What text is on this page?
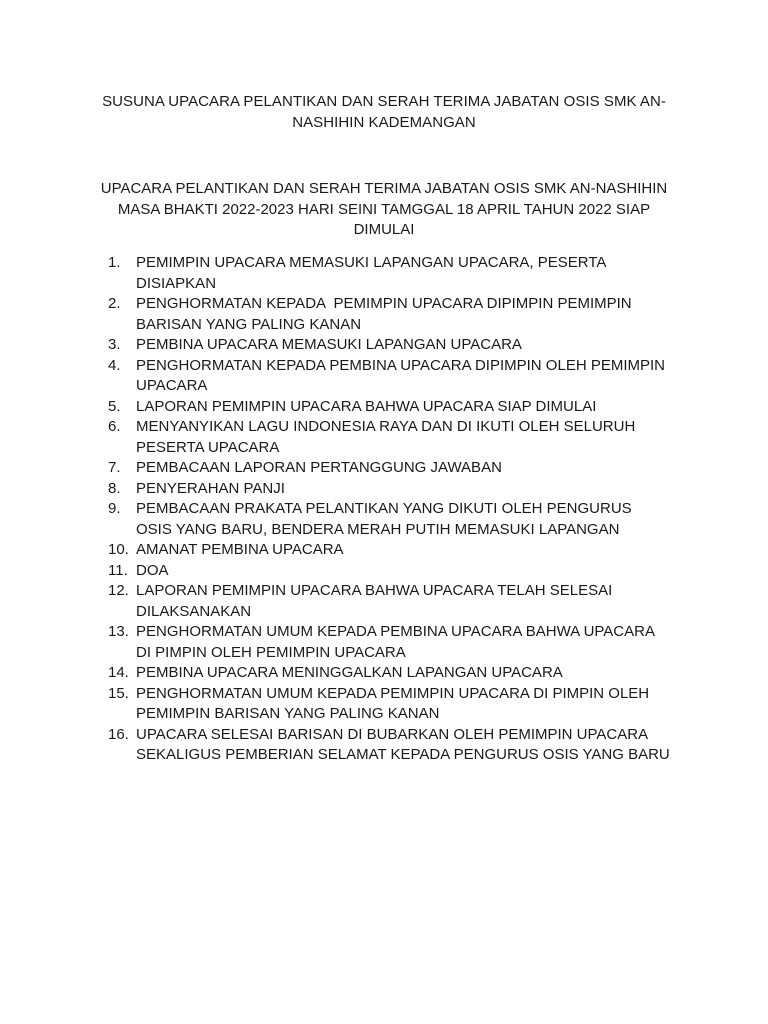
SUSUNA UPACARA PELANTIKAN DAN SERAH TERIMA JABATAN OSIS SMK AN-
NASHIHIN KADEMANGAN
UPACARA PELANTIKAN DAN SERAH TERIMA JABATAN OSIS SMK AN-NASHIHIN
MASA BHAKTI 2022-2023 HARI SEINI TAMGGAL 18 APRIL TAHUN 2022 SIAP
DIMULAI
1.	PEMIMPIN UPACARA MEMASUKI LAPANGAN UPACARA, PESERTA
DISIAPKAN
2.	PENGHORMATAN KEPADA  PEMIMPIN UPACARA DIPIMPIN PEMIMPIN
BARISAN YANG PALING KANAN
3.	PEMBINA UPACARA MEMASUKI LAPANGAN UPACARA
4.	PENGHORMATAN KEPADA PEMBINA UPACARA DIPIMPIN OLEH PEMIMPIN
UPACARA
5.	LAPORAN PEMIMPIN UPACARA BAHWA UPACARA SIAP DIMULAI
6.	MENYANYIKAN LAGU INDONESIA RAYA DAN DI IKUTI OLEH SELURUH
PESERTA UPACARA
7.	PEMBACAAN LAPORAN PERTANGGUNG JAWABAN
8.	PENYERAHAN PANJI
9.	PEMBACAAN PRAKATA PELANTIKAN YANG DIKUTI OLEH PENGURUS
OSIS YANG BARU, BENDERA MERAH PUTIH MEMASUKI LAPANGAN
10. AMANAT PEMBINA UPACARA
11. DOA
12. LAPORAN PEMIMPIN UPACARA BAHWA UPACARA TELAH SELESAI
DILAKSANAKAN
13. PENGHORMATAN UMUM KEPADA PEMBINA UPACARA BAHWA UPACARA
DI PIMPIN OLEH PEMIMPIN UPACARA
14. PEMBINA UPACARA MENINGGALKAN LAPANGAN UPACARA
15. PENGHORMATAN UMUM KEPADA PEMIMPIN UPACARA DI PIMPIN OLEH
PEMIMPIN BARISAN YANG PALING KANAN
16. UPACARA SELESAI BARISAN DI BUBARKAN OLEH PEMIMPIN UPACARA
SEKALIGUS PEMBERIAN SELAMAT KEPADA PENGURUS OSIS YANG BARU
